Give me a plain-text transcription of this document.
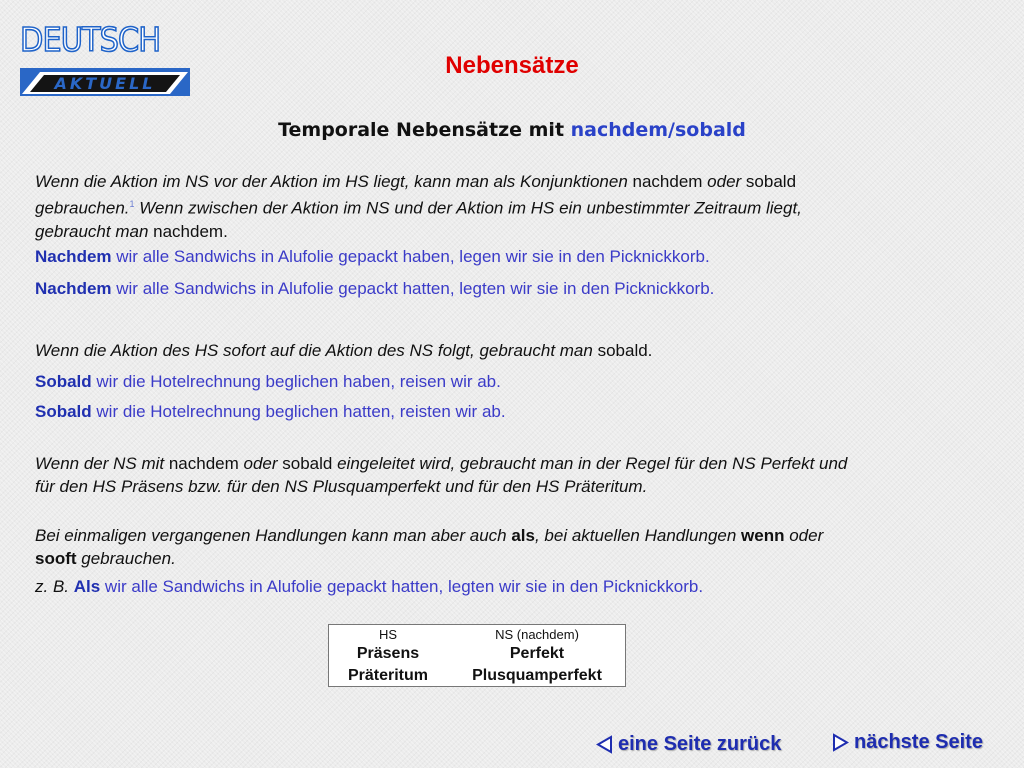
DEUTSCH
AKTUELL
Nebensätze
Temporale Nebensätze mit nachdem/sobald
Wenn die Aktion im NS vor der Aktion im HS liegt, kann man als Konjunktionen nachdem oder sobald
gebrauchen.$^1$ Wenn zwischen der Aktion im NS und der Aktion im HS ein unbestimmter Zeitraum liegt,
gebraucht man nachdem.
Nachdem wir alle Sandwichs in Alufolie gepackt haben, legen wir sie in den Picknickkorb.
Nachdem wir alle Sandwichs in Alufolie gepackt hatten, legten wir sie in den Picknickkorb.
Wenn die Aktion des HS sofort auf die Aktion des NS folgt, gebraucht man sobald.
Sobald wir die Hotelrechnung beglichen haben, reisen wir ab.
Sobald wir die Hotelrechnung beglichen hatten, reisten wir ab.
Wenn der NS mit nachdem oder sobald eingeleitet wird, gebraucht man in der Regel für den NS Perfekt und
für den HS Präsens bzw. für den NS Plusquamperfekt und für den HS Präteritum.
Bei einmaligen vergangenen Handlungen kann man aber auch als, bei aktuellen Handlungen wenn oder
sooft gebrauchen.
z. B. Als wir alle Sandwichs in Alufolie gepackt hatten, legten wir sie in den Picknickkorb.
HS	NS (nachdem)
Präsens	Perfekt
Präteritum	Plusquamperfekt
eine Seite zurück	nächste Seite
